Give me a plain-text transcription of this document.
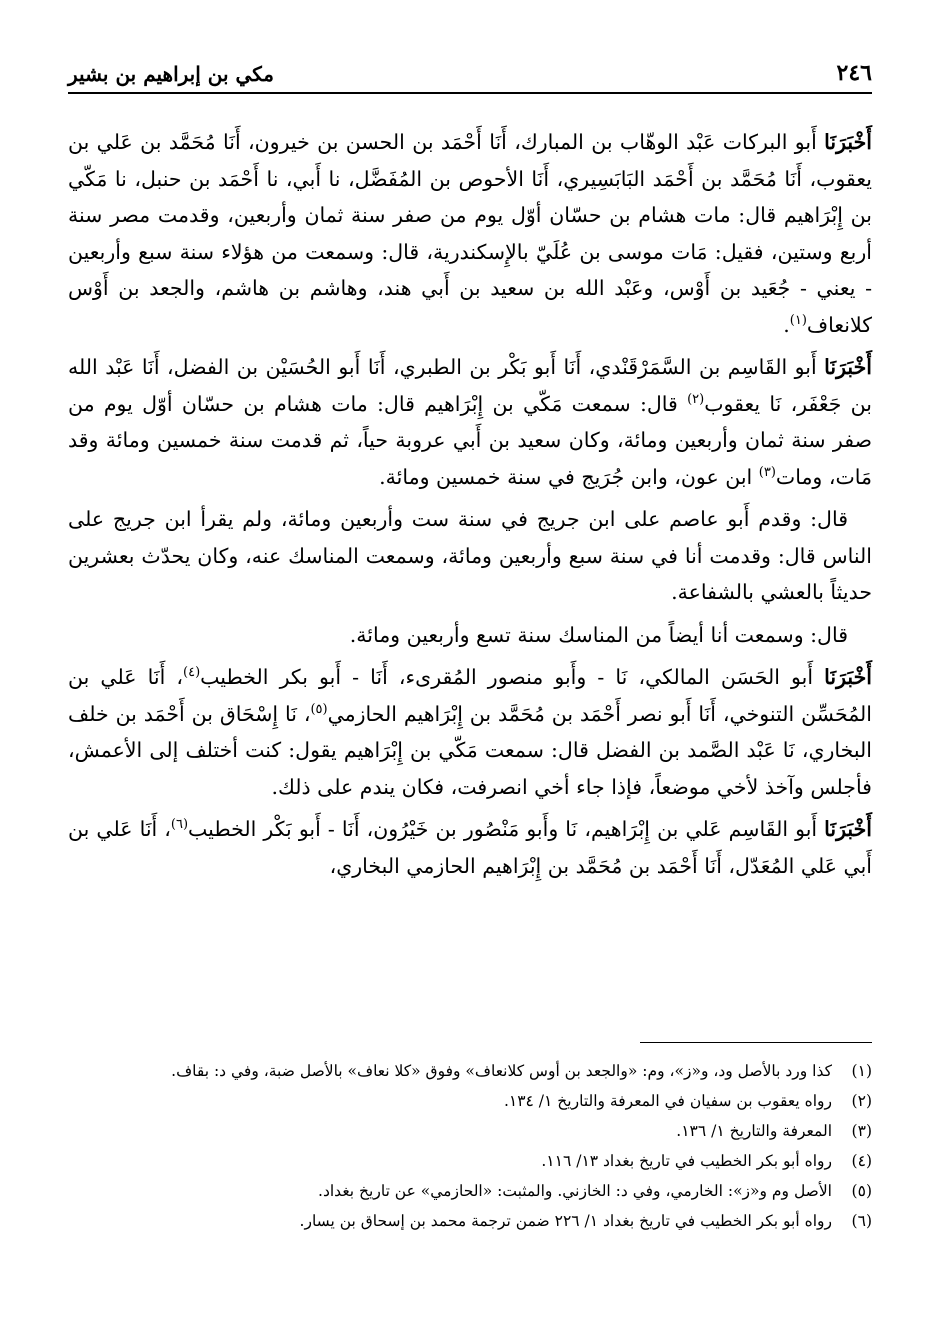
٢٤٦
مكي بن إبراهيم بن بشير

أَخْبَرَنَا أَبو البركات عَبْد الوهّاب بن المبارك، أَنَا أَحْمَد بن الحسن بن خيرون، أَنَا مُحَمَّد بن عَلي بن يعقوب، أَنَا مُحَمَّد بن أَحْمَد البَابَسِيري، أَنَا الأحوص بن المُفَضَّل، نا أَبي، نا أَحْمَد بن حنبل، نا مَكّي بن إِبْرَاهيم قال: مات هشام بن حسّان أوّل يوم من صفر سنة ثمان وأربعين، وقدمت مصر سنة أربع وستين، فقيل: مَات موسى بن عُلَيّ بالإِسكندرية، قال: وسمعت من هؤلاء سنة سبع وأربعين - يعني - جُعَيد بن أَوْس، وعَبْد الله بن سعيد بن أَبي هند، وهاشم بن هاشم، والجعد بن أَوْس كلانعاف$^{(١)}$.

أَخْبَرَنَا أَبو القَاسِم بن السَّمَرْقَنْدي، أَنَا أَبو بَكْر بن الطبري، أَنَا أَبو الحُسَيْن بن الفضل، أَنَا عَبْد الله بن جَعْفَر، نَا يعقوب$^{(٢)}$ قال: سمعت مَكّي بن إِبْرَاهيم قال: مات هشام بن حسّان أوّل يوم من صفر سنة ثمان وأربعين ومائة، وكان سعيد بن أَبي عروبة حياً، ثم قدمت سنة خمسين ومائة وقد مَات، ومات$^{(٣)}$ ابن عون، وابن جُرَيج في سنة خمسين ومائة.

قال: وقدم أَبو عاصم على ابن جريج في سنة ست وأربعين ومائة، ولم يقرأ ابن جريج على الناس قال: وقدمت أنا في سنة سبع وأربعين ومائة، وسمعت المناسك عنه، وكان يحدّث بعشرين حديثاً بالعشي بالشفاعة.

قال: وسمعت أنا أيضاً من المناسك سنة تسع وأربعين ومائة.

أَخْبَرَنَا أَبو الحَسَن المالكي، نَا - وأَبو منصور المُقرىء، أَنَا - أَبو بكر الخطيب$^{(٤)}$، أَنَا عَلي بن المُحَسِّن التنوخي، أَنَا أَبو نصر أَحْمَد بن مُحَمَّد بن إِبْرَاهيم الحازمي$^{(٥)}$، نَا إِسْحَاق بن أَحْمَد بن خلف البخاري، نَا عَبْد الصَّمد بن الفضل قال: سمعت مَكّي بن إِبْرَاهيم يقول: كنت أختلف إلى الأعمش، فأجلس وآخذ لأخي موضعاً، فإذا جاء أخي انصرفت، فكان يندم على ذلك.

أَخْبَرَنَا أَبو القَاسِم عَلي بن إِبْرَاهيم، نَا وأَبو مَنْصُور بن خَيْرُون، أَنَا - أَبو بَكْر الخطيب$^{(٦)}$، أَنَا عَلي بن أَبي عَلي المُعَدّل، أَنَا أَحْمَد بن مُحَمَّد بن إِبْرَاهيم الحازمي البخاري،

(١)
كذا ورد بالأصل ود، و«ز»، وم: «والجعد بن أوس كلانعاف» وفوق «كلا نعاف» بالأصل ضبة، وفي د: بقاف.
(٢)
رواه يعقوب بن سفيان في المعرفة والتاريخ ١/ ١٣٤.
(٣)
المعرفة والتاريخ ١/ ١٣٦.
(٤)
رواه أبو بكر الخطيب في تاريخ بغداد ١٣/ ١١٦.
(٥)
الأصل وم و«ز»: الخارمي، وفي د: الخازني. والمثبت: «الحازمي» عن تاريخ بغداد.
(٦)
رواه أبو بكر الخطيب في تاريخ بغداد ١/ ٢٢٦ ضمن ترجمة محمد بن إسحاق بن يسار.
